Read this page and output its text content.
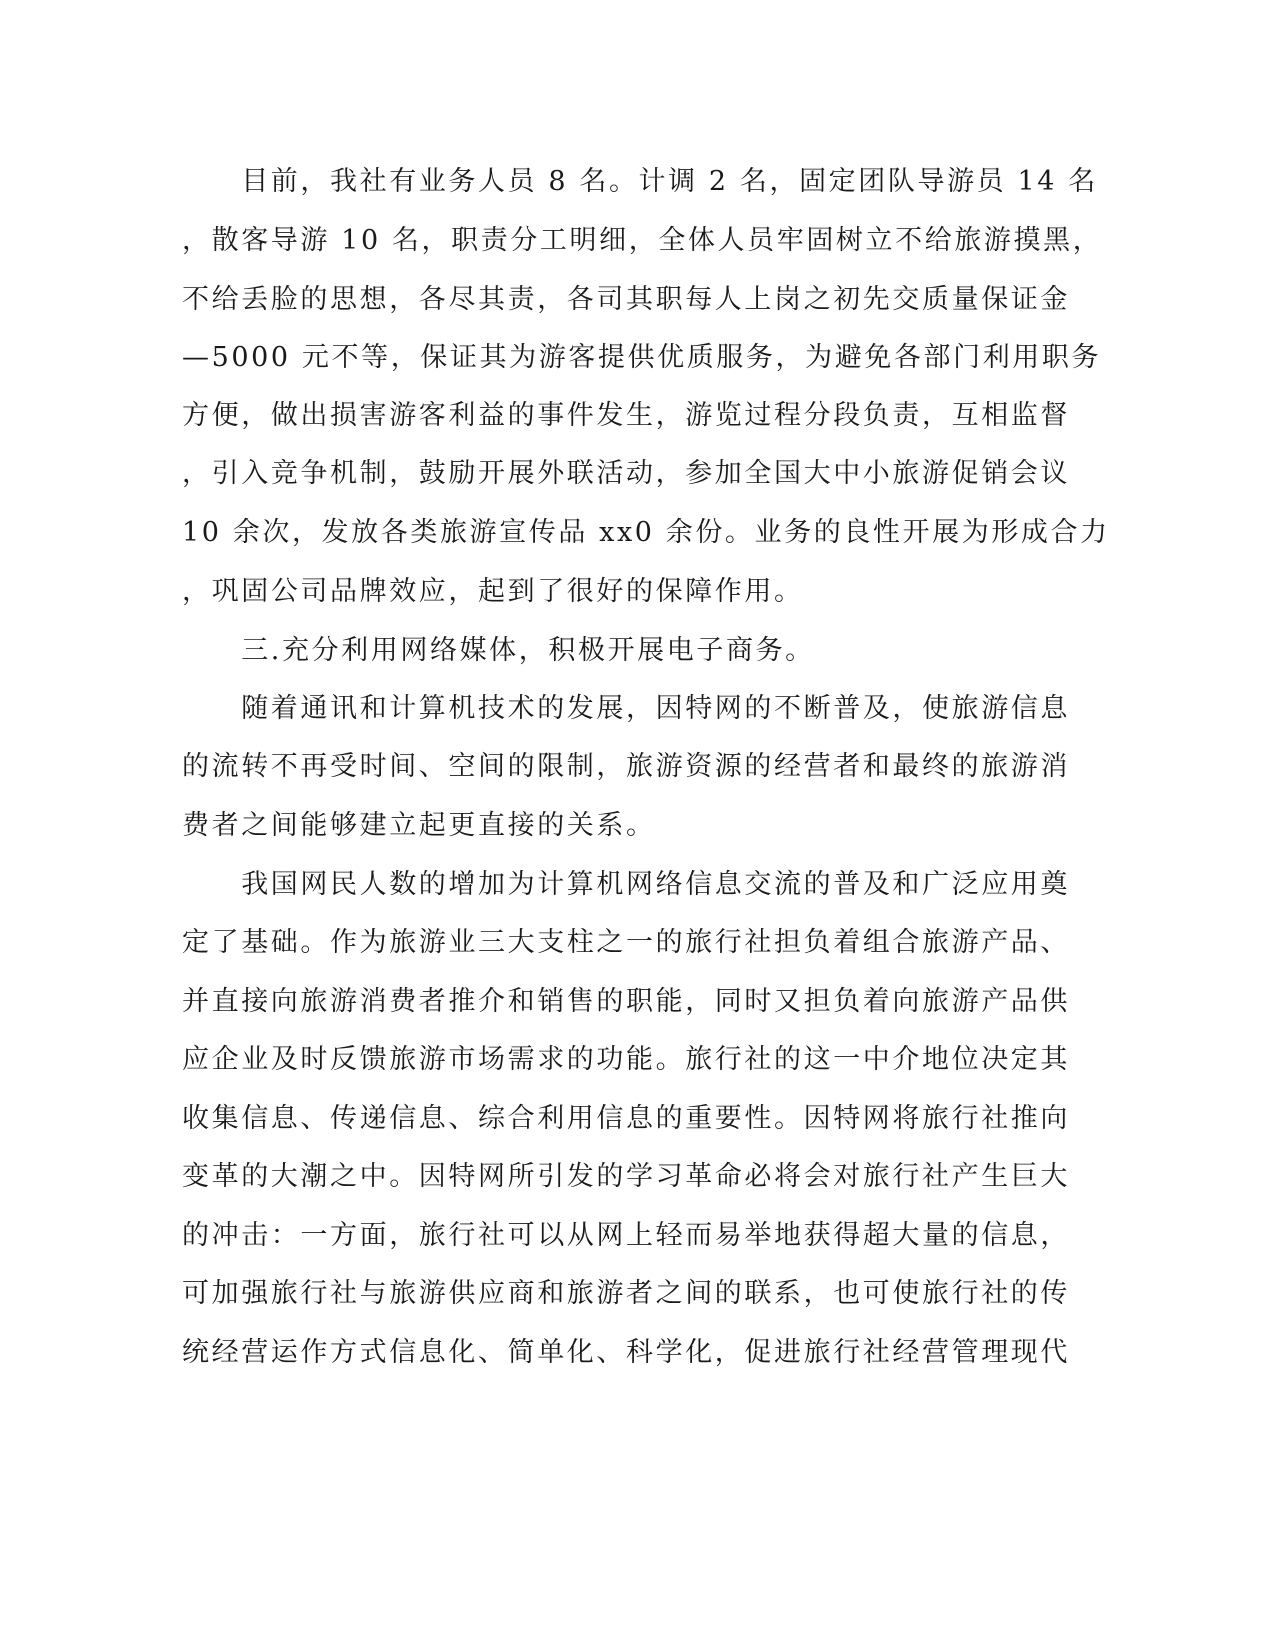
　　目前，我社有业务人员 8 名。计调 2 名，固定团队导游员 14 名
，散客导游 10 名，职责分工明细，全体人员牢固树立不给旅游摸黑，
不给丢脸的思想，各尽其责，各司其职每人上岗之初先交质量保证金
—5000 元不等，保证其为游客提供优质服务，为避免各部门利用职务
方便，做出损害游客利益的事件发生，游览过程分段负责，互相监督
，引入竞争机制，鼓励开展外联活动，参加全国大中小旅游促销会议
10 余次，发放各类旅游宣传品 xx0 余份。业务的良性开展为形成合力
，巩固公司品牌效应，起到了很好的保障作用。
　　三.充分利用网络媒体，积极开展电子商务。
　　随着通讯和计算机技术的发展，因特网的不断普及，使旅游信息
的流转不再受时间、空间的限制，旅游资源的经营者和最终的旅游消
费者之间能够建立起更直接的关系。
　　我国网民人数的增加为计算机网络信息交流的普及和广泛应用奠
定了基础。作为旅游业三大支柱之一的旅行社担负着组合旅游产品、
并直接向旅游消费者推介和销售的职能，同时又担负着向旅游产品供
应企业及时反馈旅游市场需求的功能。旅行社的这一中介地位决定其
收集信息、传递信息、综合利用信息的重要性。因特网将旅行社推向
变革的大潮之中。因特网所引发的学习革命必将会对旅行社产生巨大
的冲击：一方面，旅行社可以从网上轻而易举地获得超大量的信息，
可加强旅行社与旅游供应商和旅游者之间的联系，也可使旅行社的传
统经营运作方式信息化、简单化、科学化，促进旅行社经营管理现代
